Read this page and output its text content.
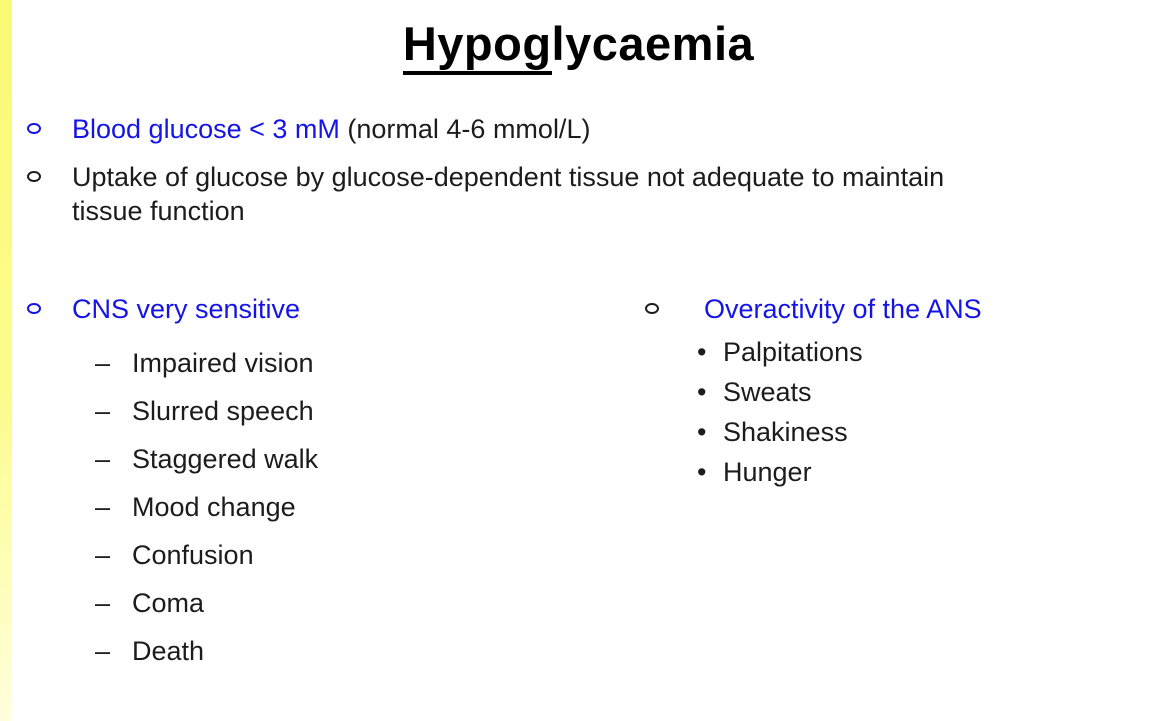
Hypoglycaemia
Blood glucose < 3 mM (normal 4-6 mmol/L)
Uptake of glucose by glucose-dependent tissue not adequate to maintain
tissue function
CNS very sensitive
– Impaired vision
– Slurred speech
– Staggered walk
– Mood change
– Confusion
– Coma
– Death
Overactivity of the ANS
• Palpitations
• Sweats
• Shakiness
• Hunger
